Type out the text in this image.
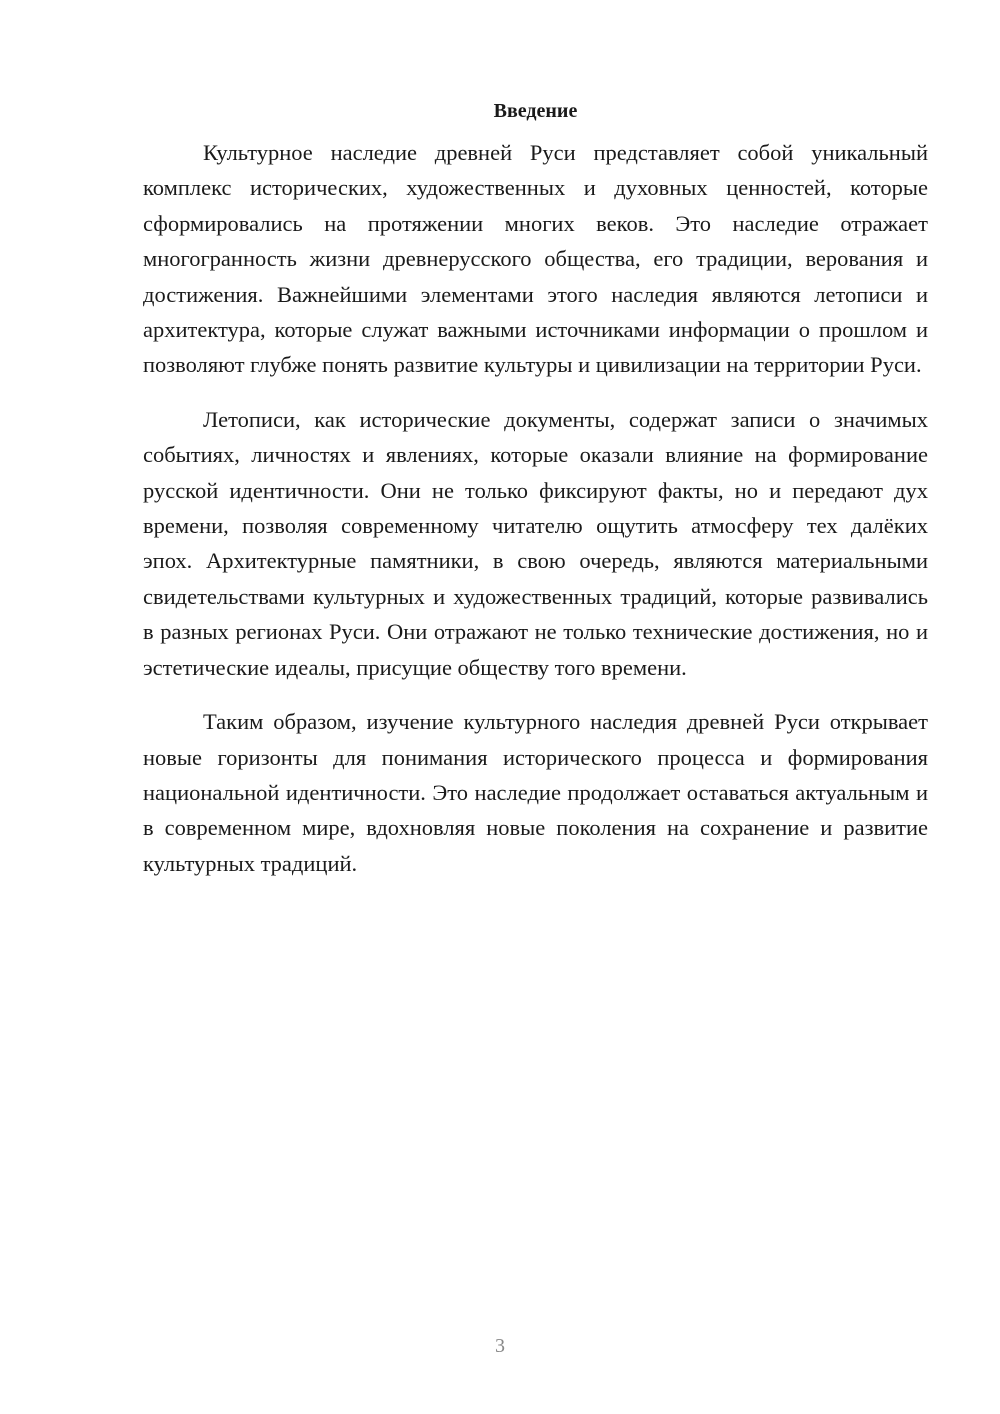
Введение

Культурное наследие древней Руси представляет собой уникальный комплекс исторических, художественных и духовных ценностей, которые сформировались на протяжении многих веков. Это наследие отражает многогранность жизни древнерусского общества, его традиции, верования и достижения. Важнейшими элементами этого наследия являются летописи и архитектура, которые служат важными источниками информации о прошлом и позволяют глубже понять развитие культуры и цивилизации на территории Руси.

Летописи, как исторические документы, содержат записи о значимых событиях, личностях и явлениях, которые оказали влияние на формирование русской идентичности. Они не только фиксируют факты, но и передают дух времени, позволяя современному читателю ощутить атмосферу тех далёких эпох. Архитектурные памятники, в свою очередь, являются материальными свидетельствами культурных и художественных традиций, которые развивались в разных регионах Руси. Они отражают не только технические достижения, но и эстетические идеалы, присущие обществу того времени.

Таким образом, изучение культурного наследия древней Руси открывает новые горизонты для понимания исторического процесса и формирования национальной идентичности. Это наследие продолжает оставаться актуальным и в современном мире, вдохновляя новые поколения на сохранение и развитие культурных традиций.

3
